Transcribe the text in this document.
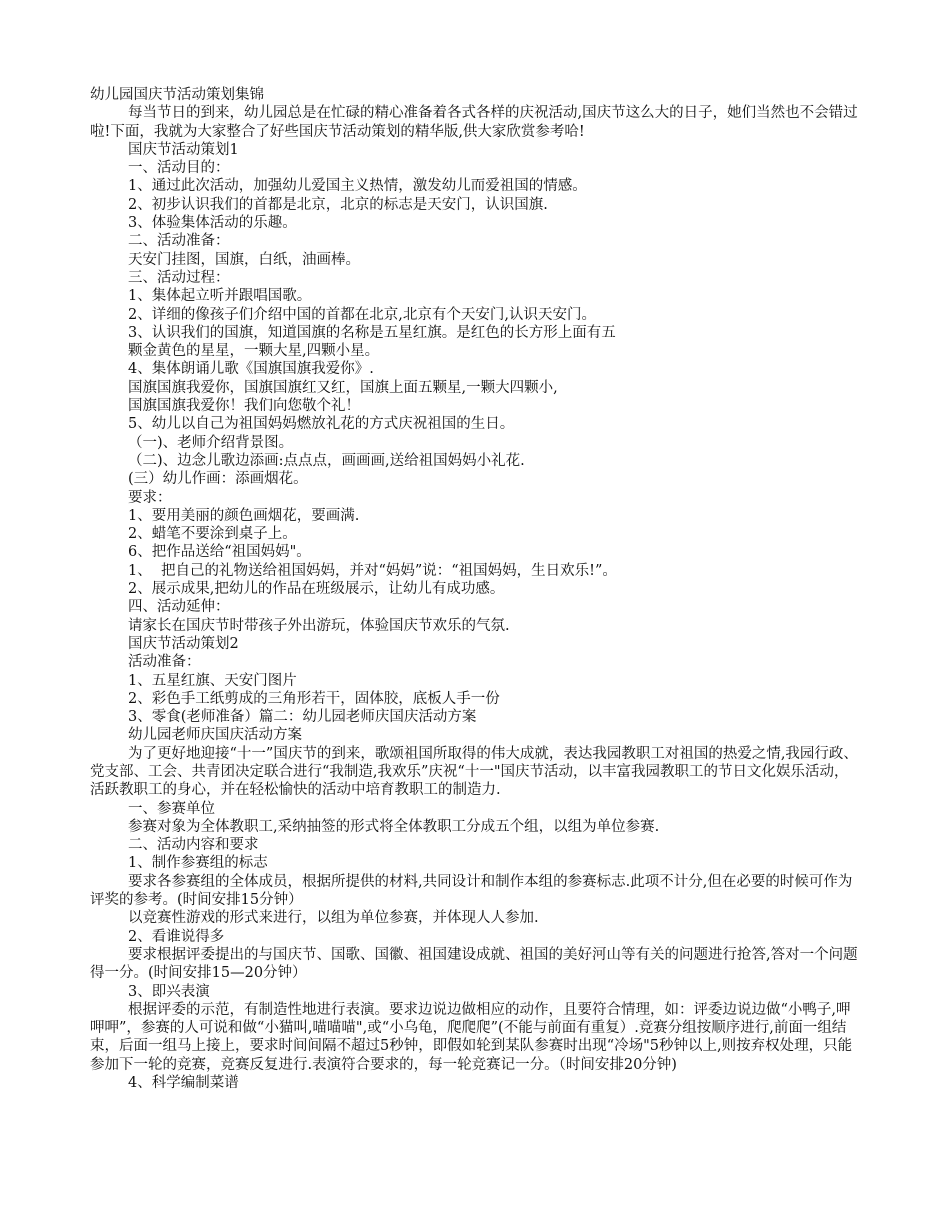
幼儿园国庆节活动策划集锦

每当节日的到来，幼儿园总是在忙碌的精心准备着各式各样的庆祝活动,国庆节这么大的日子，她们当然也不会错过啦!下面，我就为大家整合了好些国庆节活动策划的精华版,供大家欣赏参考哈!

国庆节活动策划1

一、活动目的：

1、通过此次活动，加强幼儿爱国主义热情，激发幼儿而爱祖国的情感。

2、初步认识我们的首都是北京，北京的标志是天安门，认识国旗.

3、体验集体活动的乐趣。

二、活动准备：

天安门挂图，国旗，白纸，油画棒。

三、活动过程：

1、集体起立听并跟唱国歌。

2、详细的像孩子们介绍中国的首都在北京,北京有个天安门,认识天安门。

3、认识我们的国旗，知道国旗的名称是五星红旗。是红色的长方形上面有五

颗金黄色的星星，一颗大星,四颗小星。

4、集体朗诵儿歌《国旗国旗我爱你》.

国旗国旗我爱你，国旗国旗红又红，国旗上面五颗星,一颗大四颗小,

国旗国旗我爱你！我们向您敬个礼！

5、幼儿以自己为祖国妈妈燃放礼花的方式庆祝祖国的生日。

（一)、老师介绍背景图。

（二)、边念儿歌边添画:点点点，画画画,送给祖国妈妈小礼花.

(三）幼儿作画：添画烟花。

要求：

1、要用美丽的颜色画烟花，要画满.

2、蜡笔不要涂到桌子上。

6、把作品送给“祖国妈妈"。

1、  把自己的礼物送给祖国妈妈，并对“妈妈”说：“祖国妈妈，生日欢乐!”。

2、展示成果,把幼儿的作品在班级展示，让幼儿有成功感。

四、活动延伸：

请家长在国庆节时带孩子外出游玩，体验国庆节欢乐的气氛.

国庆节活动策划2

活动准备：

1、五星红旗、天安门图片

2、彩色手工纸剪成的三角形若干，固体胶，底板人手一份

3、零食(老师准备）篇二：幼儿园老师庆国庆活动方案

幼儿园老师庆国庆活动方案

为了更好地迎接“十一”国庆节的到来，歌颂祖国所取得的伟大成就，表达我园教职工对祖国的热爱之情,我园行政、党支部、工会、共青团决定联合进行“我制造,我欢乐”庆祝“十一"国庆节活动，以丰富我园教职工的节日文化娱乐活动，活跃教职工的身心，并在轻松愉快的活动中培育教职工的制造力.

一、参赛单位

参赛对象为全体教职工,采纳抽签的形式将全体教职工分成五个组，以组为单位参赛.

二、活动内容和要求

1、制作参赛组的标志

要求各参赛组的全体成员，根据所提供的材料,共同设计和制作本组的参赛标志.此项不计分,但在必要的时候可作为评奖的参考。(时间安排15分钟）

以竞赛性游戏的形式来进行，以组为单位参赛，并体现人人参加.

2、看谁说得多

要求根据评委提出的与国庆节、国歌、国徽、祖国建设成就、祖国的美好河山等有关的问题进行抢答,答对一个问题得一分。(时间安排15—20分钟）

3、即兴表演

根据评委的示范，有制造性地进行表演。要求边说边做相应的动作，且要符合情理，如：评委边说边做“小鸭子,呷呷呷”，参赛的人可说和做“小猫叫,喵喵喵",或“小乌龟，爬爬爬”(不能与前面有重复）.竞赛分组按顺序进行,前面一组结束，后面一组马上接上，要求时间间隔不超过5秒钟，即假如轮到某队参赛时出现“冷场"5秒钟以上,则按弃权处理，只能参加下一轮的竞赛，竞赛反复进行.表演符合要求的，每一轮竞赛记一分。（时间安排20分钟)

4、科学编制菜谱
